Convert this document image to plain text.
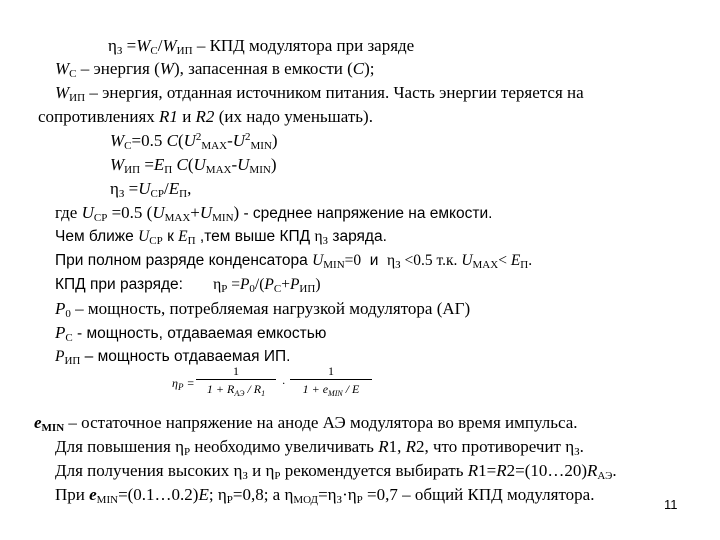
$\eta_З =W_C/W_{ИП}$ – КПД модулятора при заряде
$W_C$ – энергия (W), запасенная в емкости (C);
$W_{ИП}$ – энергия, отданная источником питания. Часть энергии теряется на
сопротивлениях R1 и R2 (их надо уменьшать).
$W_C=0.5$ $C(U^2_{MAX}-U^2_{MIN})$
$W_{ИП} =E_П$ $C(U_{MAX}-U_{MIN})$
$\eta_З =U_{CP}/E_П$,
где $U_{CP} =0.5$ $(U_{MAX}+U_{MIN})$ - среднее напряжение на емкости.
Чем ближе $U_{CP}$ к $E_П$ ,тем выше КПД $\eta_З$ заряда.
При полном разряде конденсатора $U_{MIN}=0$  и  $\eta_З <0.5$ т.к. $U_{MAX}< E_П$.
КПД при разряде:       $\eta_P =P_0/(P_C+P_{ИП})$
$P_0$ – мощность, потребляемая нагрузкой модулятора (АГ)
$P_C$ - мощность, отдаваемая емкостью
$P_{ИП}$ – мощность отдаваемая ИП.
$\eta_P$ =
1
$1 + R_{AЭ} / R_1$
·
1
$1 + e_{MIN} / E$
$e_{MIN}$ – остаточное напряжение на аноде АЭ модулятора во время импульса.
Для повышения $\eta_Р$ необходимо увеличивать R1, R2, что противоречит $\eta_З$.
Для получения высоких $\eta_З$ и $\eta_Р$ рекомендуется выбирать $R1=R2=(10\dots 20)R_{АЭ}$.
При $e_{MIN}=(0.1\dots 0.2)E$; $\eta_Р=0,8$; а $\eta_{МОД}=\eta_З\cdot\eta_Р =0,7$ – общий КПД модулятора.
11
